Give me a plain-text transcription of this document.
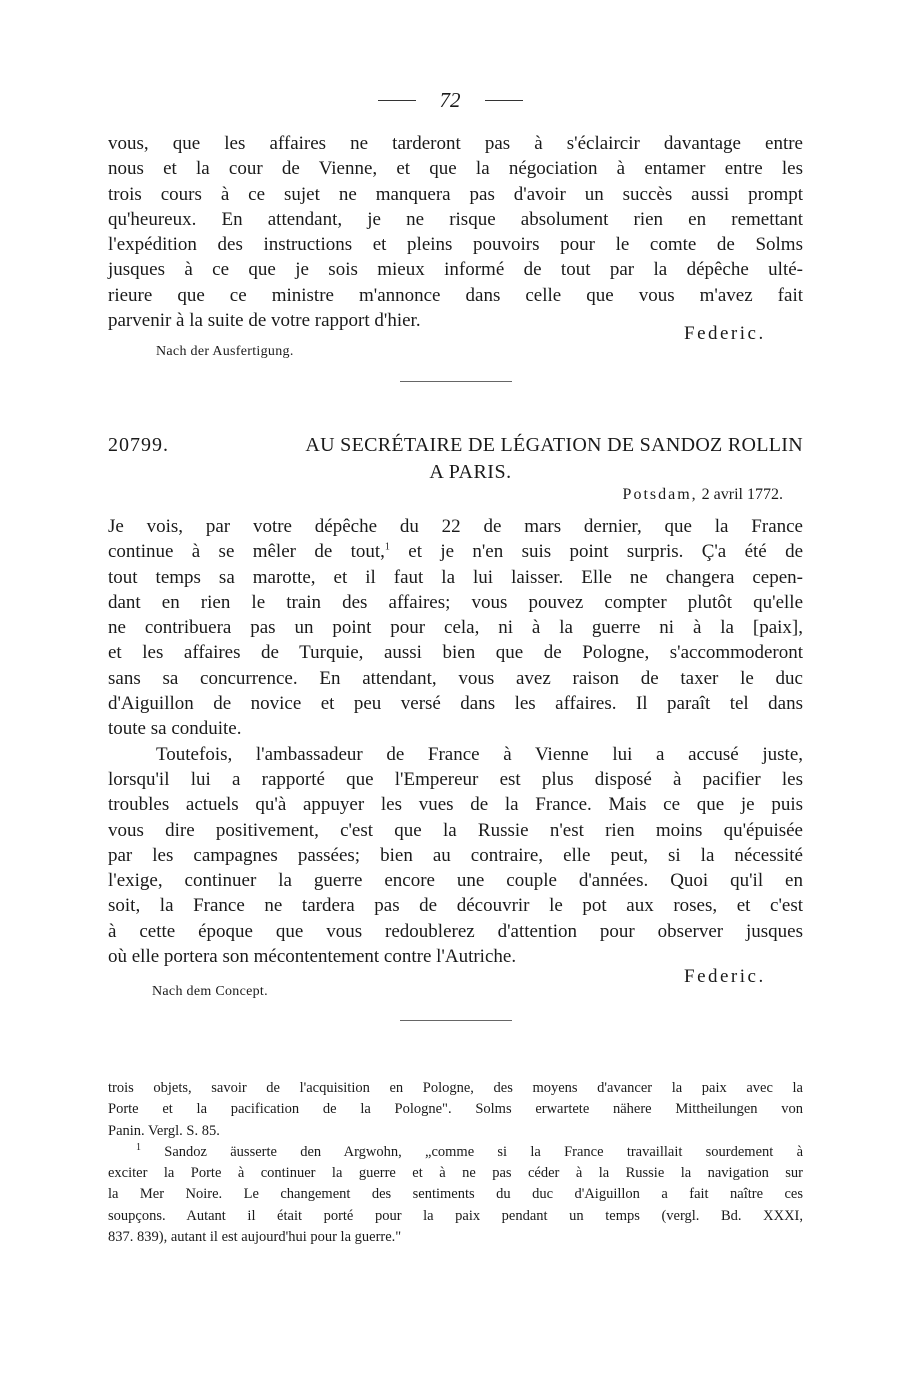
72

vous, que les affaires ne tarderont pas à s'éclaircir davantage entre
nous et la cour de Vienne, et que la négociation à entamer entre les
trois cours à ce sujet ne manquera pas d'avoir un succès aussi prompt
qu'heureux. En attendant, je ne risque absolument rien en remettant
l'expédition des instructions et pleins pouvoirs pour le comte de Solms
jusques à ce que je sois mieux informé de tout par la dépêche ulté-
rieure que ce ministre m'annonce dans celle que vous m'avez fait
parvenir à la suite de votre rapport d'hier.

Federic.
Nach der Ausfertigung.
20799.	AU SECRÉTAIRE DE LÉGATION DE SANDOZ ROLLIN
A PARIS.
Potsdam, 2 avril 1772.

Je vois, par votre dépêche du 22 de mars dernier, que la France
continue à se mêler de tout,$^1$ et je n'en suis point surpris. Ç'a été de
tout temps sa marotte, et il faut la lui laisser. Elle ne changera cepen-
dant en rien le train des affaires; vous pouvez compter plutôt qu'elle
ne contribuera pas un point pour cela, ni à la guerre ni à la [paix],
et les affaires de Turquie, aussi bien que de Pologne, s'accommoderont
sans sa concurrence. En attendant, vous avez raison de taxer le duc
d'Aiguillon de novice et peu versé dans les affaires. Il paraît tel dans
toute sa conduite.

Toutefois, l'ambassadeur de France à Vienne lui a accusé juste,
lorsqu'il lui a rapporté que l'Empereur est plus disposé à pacifier les
troubles actuels qu'à appuyer les vues de la France. Mais ce que je puis
vous dire positivement, c'est que la Russie n'est rien moins qu'épuisée
par les campagnes passées; bien au contraire, elle peut, si la nécessité
l'exige, continuer la guerre encore une couple d'années. Quoi qu'il en
soit, la France ne tardera pas de découvrir le pot aux roses, et c'est
à cette époque que vous redoublerez d'attention pour observer jusques
où elle portera son mécontentement contre l'Autriche.

Federic.
Nach dem Concept.
trois objets, savoir de l'acquisition en Pologne, des moyens d'avancer la paix avec la
Porte et la pacification de la Pologne". Solms erwartete nähere Mittheilungen von
Panin. Vergl. S. 85.
$^1$ Sandoz äusserte den Argwohn, „comme si la France travaillait sourdement à
exciter la Porte à continuer la guerre et à ne pas céder à la Russie la navigation sur
la Mer Noire. Le changement des sentiments du duc d'Aiguillon a fait naître ces
soupçons. Autant il était porté pour la paix pendant un temps (vergl. Bd. XXXI,
837. 839), autant il est aujourd'hui pour la guerre."
